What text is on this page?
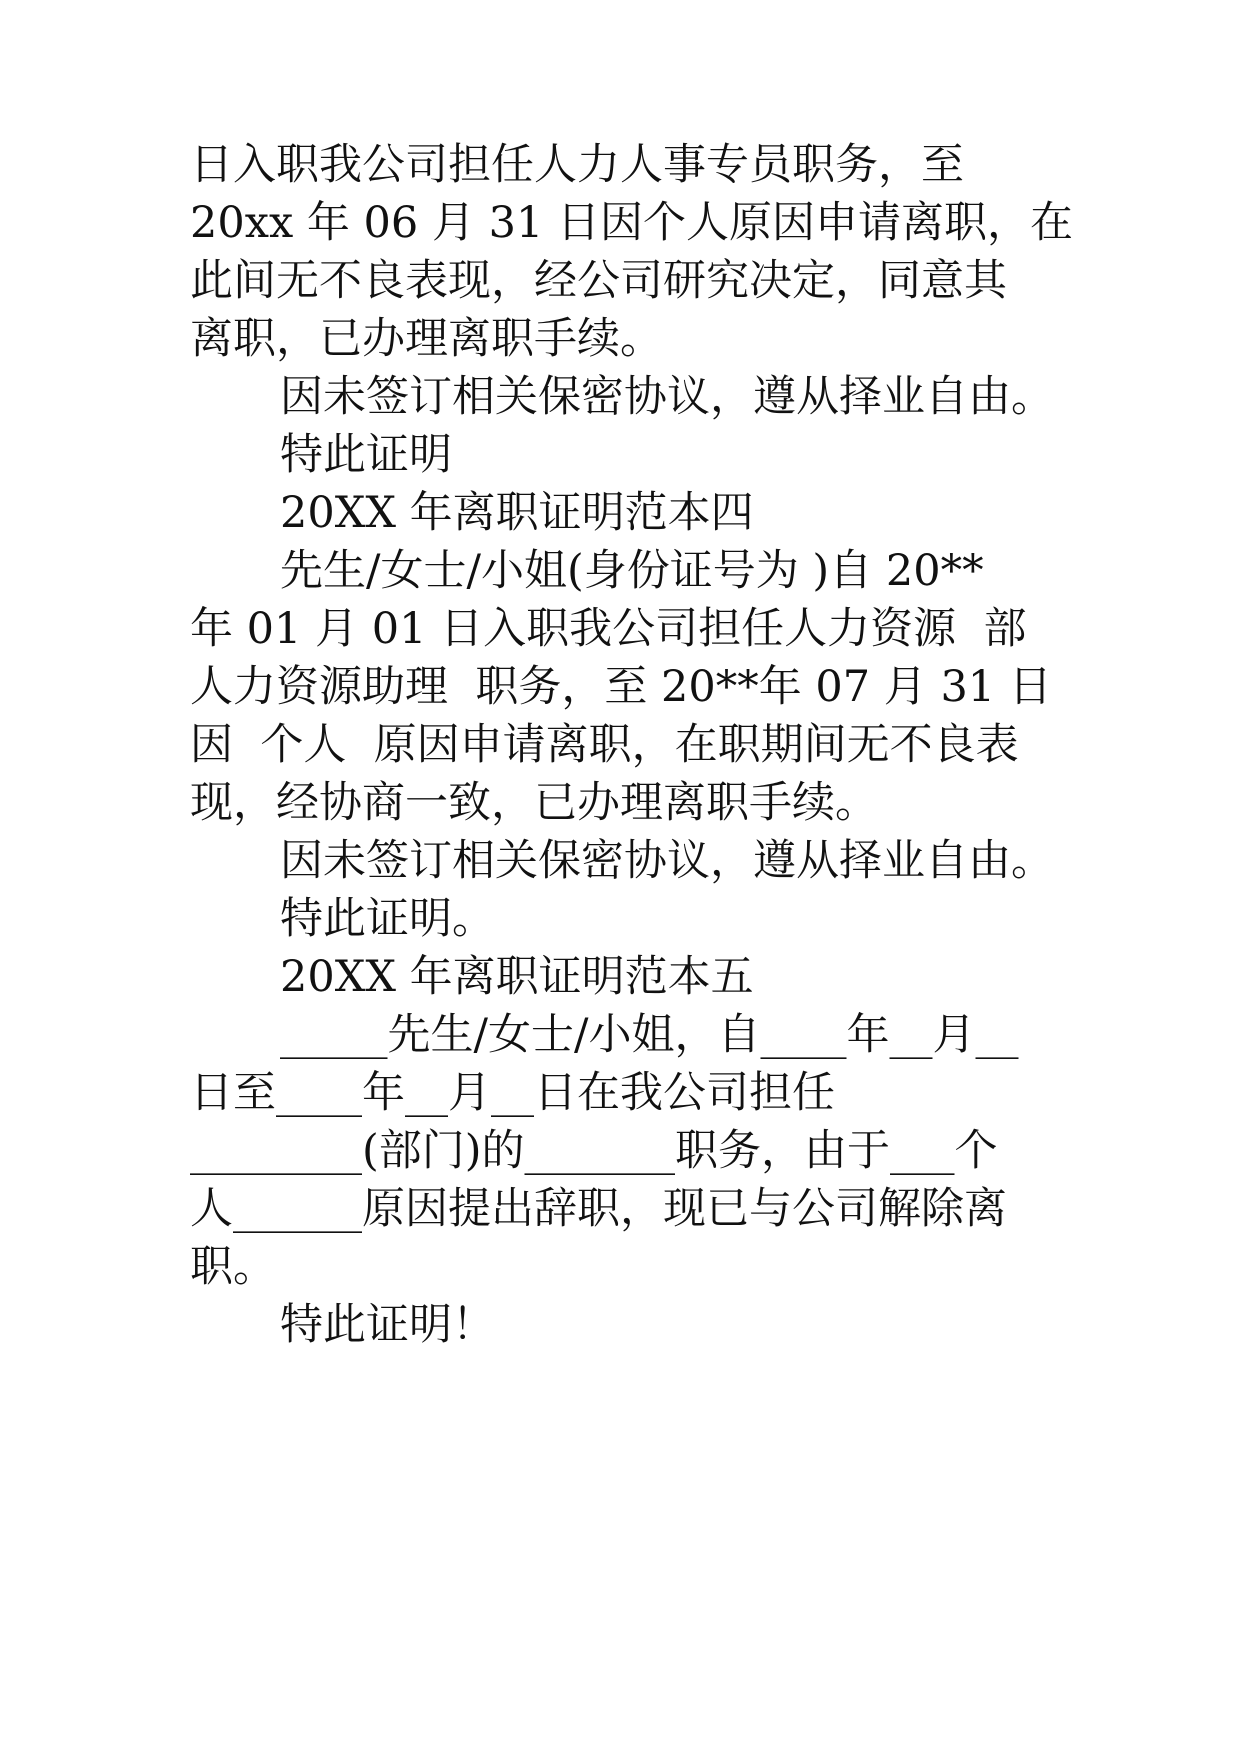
日入职我公司担任人力人事专员职务，至
20xx 年 06 月 31 日因个人原因申请离职，在
此间无不良表现，经公司研究决定，同意其
离职，已办理离职手续。
因未签订相关保密协议，遵从择业自由。
特此证明
20XX 年离职证明范本四
先生/女士/小姐(身份证号为 )自 20**
年 01 月 01 日入职我公司担任人力资源  部
人力资源助理  职务，至 20**年 07 月 31 日
因  个人  原因申请离职，在职期间无不良表
现，经协商一致，已办理离职手续。
因未签订相关保密协议，遵从择业自由。
特此证明。
20XX 年离职证明范本五
_____先生/女士/小姐，自____年__月__
日至____年__月__日在我公司担任
________(部门)的_______职务，由于___个
人______原因提出辞职，现已与公司解除离
职。
特此证明！
